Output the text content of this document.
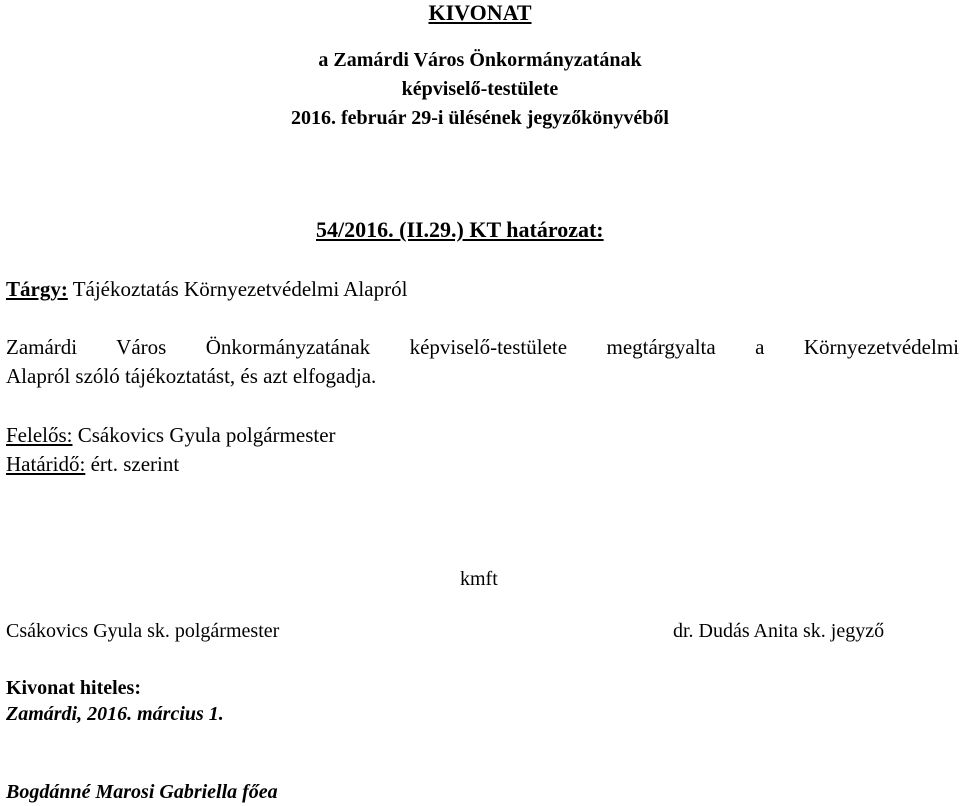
KIVONAT
a Zamárdi Város Önkormányzatának
képviselő-testülete
2016. február 29-i ülésének jegyzőkönyvéből
54/2016. (II.29.) KT határozat:
Tárgy: Tájékoztatás Környezetvédelmi Alapról
Zamárdi Város Önkormányzatának képviselő-testülete megtárgyalta a Környezetvédelmi
Alapról szóló tájékoztatást, és azt elfogadja.
Felelős: Csákovics Gyula polgármester
Határidő: ért. szerint
kmft
Csákovics Gyula sk. polgármester	dr. Dudás Anita sk. jegyző
Kivonat hiteles:
Zamárdi, 2016. március 1.
Bogdánné Marosi Gabriella főea
